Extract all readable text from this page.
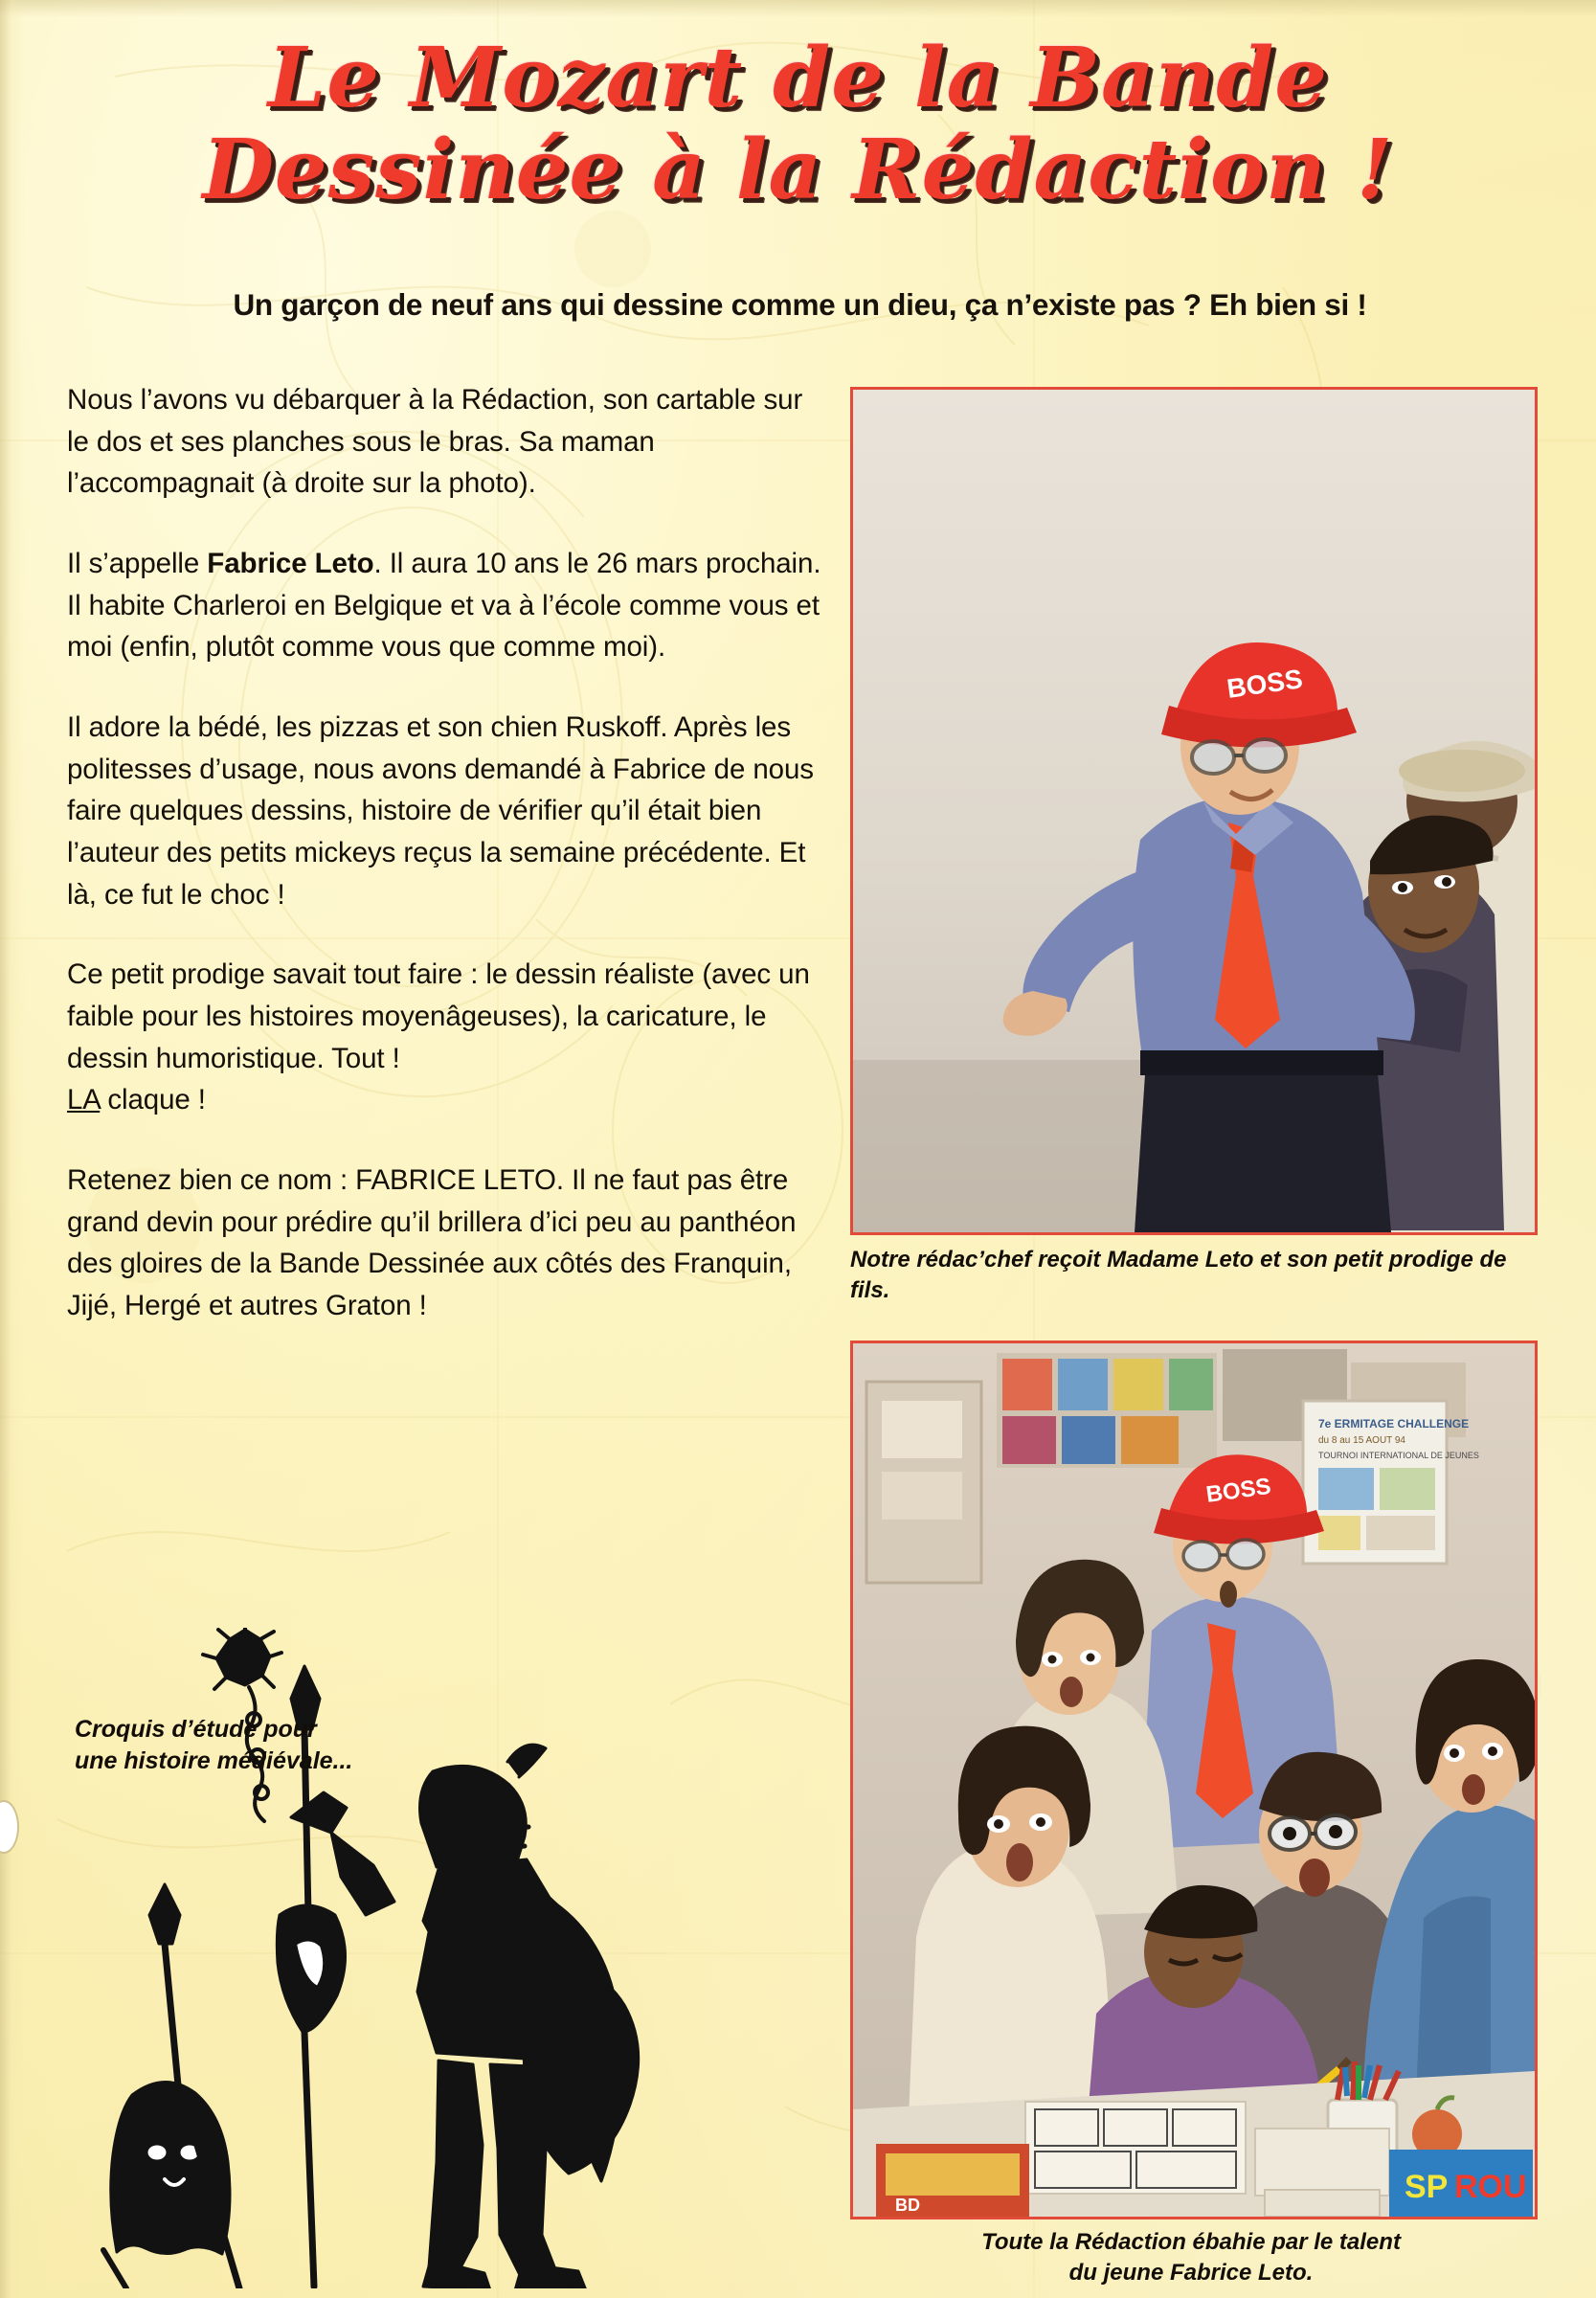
Le Mozart de la Bande
Dessinée à la Rédaction !
Un garçon de neuf ans qui dessine comme un dieu, ça n’existe pas ? Eh bien si !

Nous l’avons vu débarquer à la Rédaction, son cartable sur le dos et ses planches sous le bras. Sa maman l’accompagnait (à droite sur la photo).

Il s’appelle Fabrice Leto. Il aura 10 ans le 26 mars prochain. Il habite Charleroi en Belgique et va à l’école comme vous et moi (enfin, plutôt comme vous que comme moi).

Il adore la bédé, les pizzas et son chien Ruskoff. Après les politesses d’usage, nous avons demandé à Fabrice de nous faire quelques dessins, histoire de vérifier qu’il était bien l’auteur des petits mickeys reçus la semaine précédente. Et là, ce fut le choc !

Ce petit prodige savait tout faire : le dessin réaliste (avec un faible pour les histoires moyenâgeuses), la caricature, le dessin humoristique. Tout !
LA claque !

Retenez bien ce nom : FABRICE LETO. Il ne faut pas être grand devin pour prédire qu’il brillera d’ici peu au panthéon des gloires de la Bande Dessinée aux côtés des Franquin, Jijé, Hergé et autres Graton !

Croquis d’étude pour une histoire médiévale...
BOSS
Notre rédac’chef reçoit Madame Leto et son petit prodige de fils.
7e ERMITAGE CHALLENGE
du 8 au 15 AOUT 94
TOURNOI INTERNATIONAL DE JEUNES
BOSS
SP ROU
BD
Toute la Rédaction ébahie par le talent
du jeune Fabrice Leto.
